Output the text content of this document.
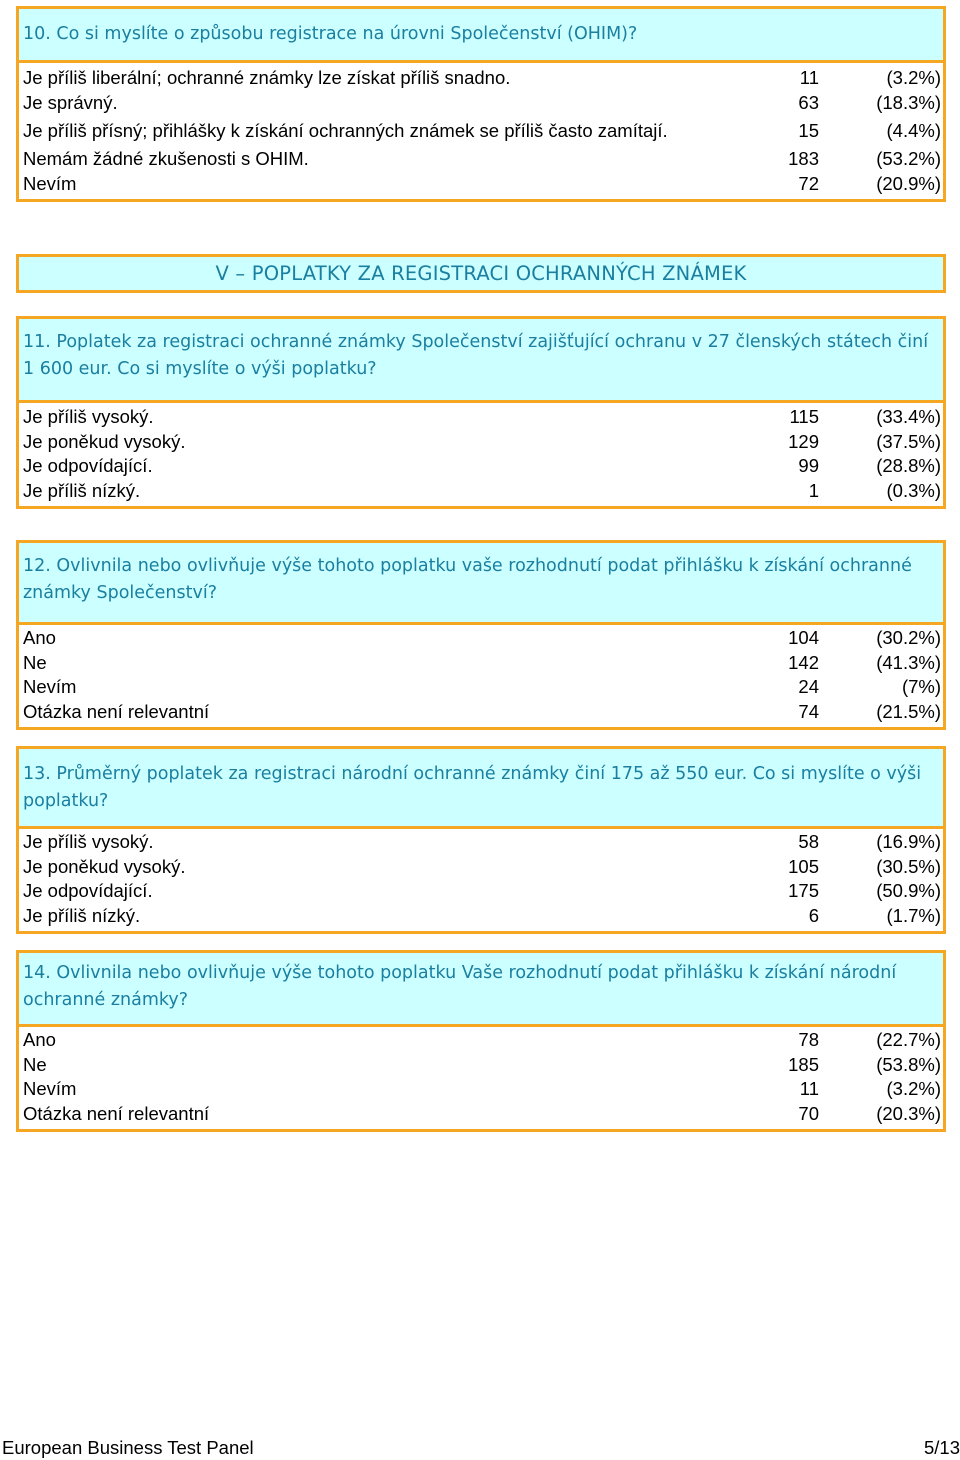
10. Co si myslíte o způsobu registrace na úrovni Společenství (OHIM)?
Je příliš liberální; ochranné známky lze získat příliš snadno.	11	(3.2%)
Je správný.	63	(18.3%)
Je příliš přísný; přihlášky k získání ochranných známek se příliš často zamítají.	15	(4.4%)
Nemám žádné zkušenosti s OHIM.	183	(53.2%)
Nevím	72	(20.9%)
V – POPLATKY ZA REGISTRACI OCHRANNÝCH ZNÁMEK
11. Poplatek za registraci ochranné známky Společenství zajišťující ochranu v 27 členských státech činí 1 600 eur. Co si myslíte o výši poplatku?
Je příliš vysoký.	115	(33.4%)
Je poněkud vysoký.	129	(37.5%)
Je odpovídající.	99	(28.8%)
Je příliš nízký.	1	(0.3%)
12. Ovlivnila nebo ovlivňuje výše tohoto poplatku vaše rozhodnutí podat přihlášku k získání ochranné známky Společenství?
Ano	104	(30.2%)
Ne	142	(41.3%)
Nevím	24	(7%)
Otázka není relevantní	74	(21.5%)
13. Průměrný poplatek za registraci národní ochranné známky činí 175 až 550 eur. Co si myslíte o výši poplatku?
Je příliš vysoký.	58	(16.9%)
Je poněkud vysoký.	105	(30.5%)
Je odpovídající.	175	(50.9%)
Je příliš nízký.	6	(1.7%)
14. Ovlivnila nebo ovlivňuje výše tohoto poplatku Vaše rozhodnutí podat přihlášku k získání národní ochranné známky?
Ano	78	(22.7%)
Ne	185	(53.8%)
Nevím	11	(3.2%)
Otázka není relevantní	70	(20.3%)
European Business Test Panel	5/13
